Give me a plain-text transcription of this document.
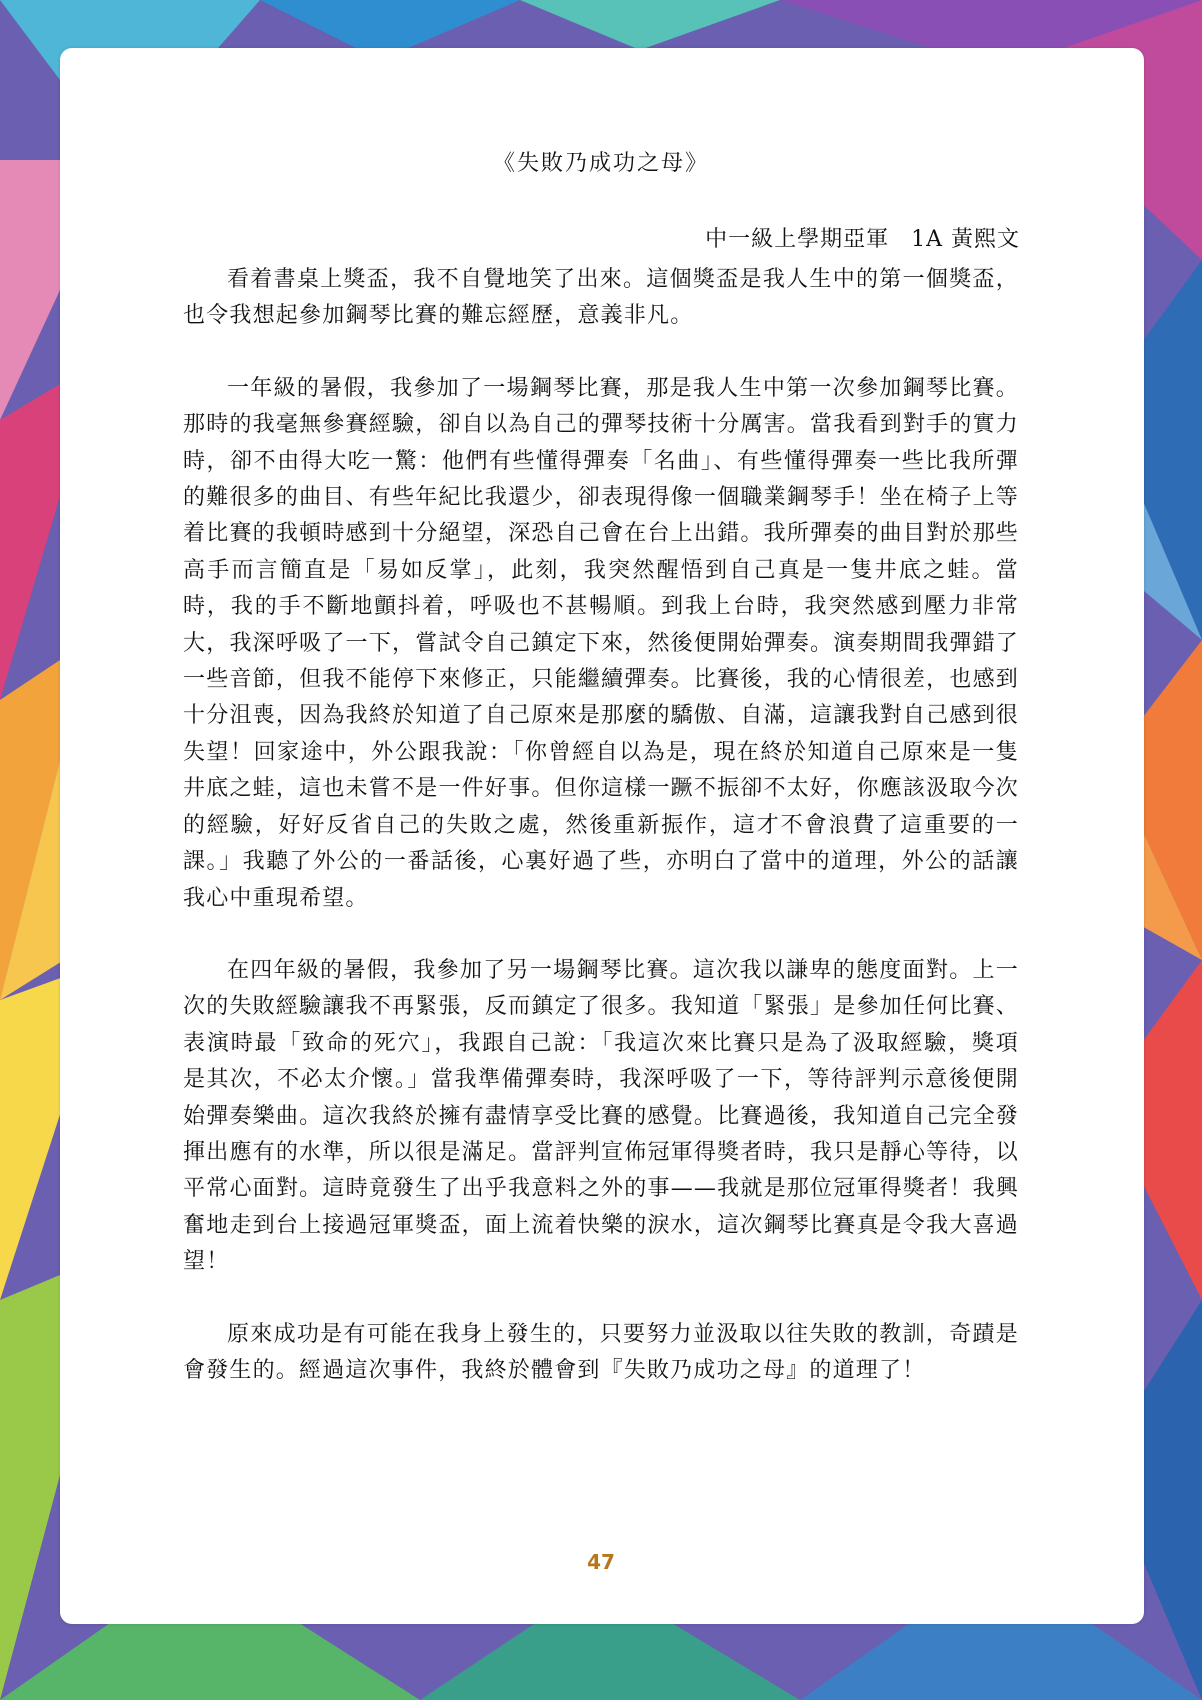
《失敗乃成功之母》
中一級上學期亞軍 1A 黃熙文

看着書桌上獎盃，我不自覺地笑了出來。這個獎盃是我人生中的第一個獎盃，也令我想起參加鋼琴比賽的難忘經歷，意義非凡。

一年級的暑假，我參加了一場鋼琴比賽，那是我人生中第一次參加鋼琴比賽。那時的我毫無參賽經驗，卻自以為自己的彈琴技術十分厲害。當我看到對手的實力時，卻不由得大吃一驚：他們有些懂得彈奏「名曲」、有些懂得彈奏一些比我所彈的難很多的曲目、有些年紀比我還少，卻表現得像一個職業鋼琴手！坐在椅子上等着比賽的我頓時感到十分絕望，深恐自己會在台上出錯。我所彈奏的曲目對於那些高手而言簡直是「易如反掌」，此刻，我突然醒悟到自己真是一隻井底之蛙。當時，我的手不斷地顫抖着，呼吸也不甚暢順。到我上台時，我突然感到壓力非常大，我深呼吸了一下，嘗試令自己鎮定下來，然後便開始彈奏。演奏期間我彈錯了一些音節，但我不能停下來修正，只能繼續彈奏。比賽後，我的心情很差，也感到十分沮喪，因為我終於知道了自己原來是那麼的驕傲、自滿，這讓我對自己感到很失望！回家途中，外公跟我說：「你曾經自以為是，現在終於知道自己原來是一隻井底之蛙，這也未嘗不是一件好事。但你這樣一蹶不振卻不太好，你應該汲取今次的經驗，好好反省自己的失敗之處，然後重新振作，這才不會浪費了這重要的一課。」我聽了外公的一番話後，心裏好過了些，亦明白了當中的道理，外公的話讓我心中重現希望。

在四年級的暑假，我參加了另一場鋼琴比賽。這次我以謙卑的態度面對。上一次的失敗經驗讓我不再緊張，反而鎮定了很多。我知道「緊張」是參加任何比賽、表演時最「致命的死穴」，我跟自己說：「我這次來比賽只是為了汲取經驗，獎項是其次，不必太介懷。」當我準備彈奏時，我深呼吸了一下，等待評判示意後便開始彈奏樂曲。這次我終於擁有盡情享受比賽的感覺。比賽過後，我知道自己完全發揮出應有的水準，所以很是滿足。當評判宣佈冠軍得獎者時，我只是靜心等待，以平常心面對。這時竟發生了出乎我意料之外的事——我就是那位冠軍得獎者！我興奮地走到台上接過冠軍獎盃，面上流着快樂的淚水，這次鋼琴比賽真是令我大喜過望！

原來成功是有可能在我身上發生的，只要努力並汲取以往失敗的教訓，奇蹟是會發生的。經過這次事件，我終於體會到『失敗乃成功之母』的道理了！

47
